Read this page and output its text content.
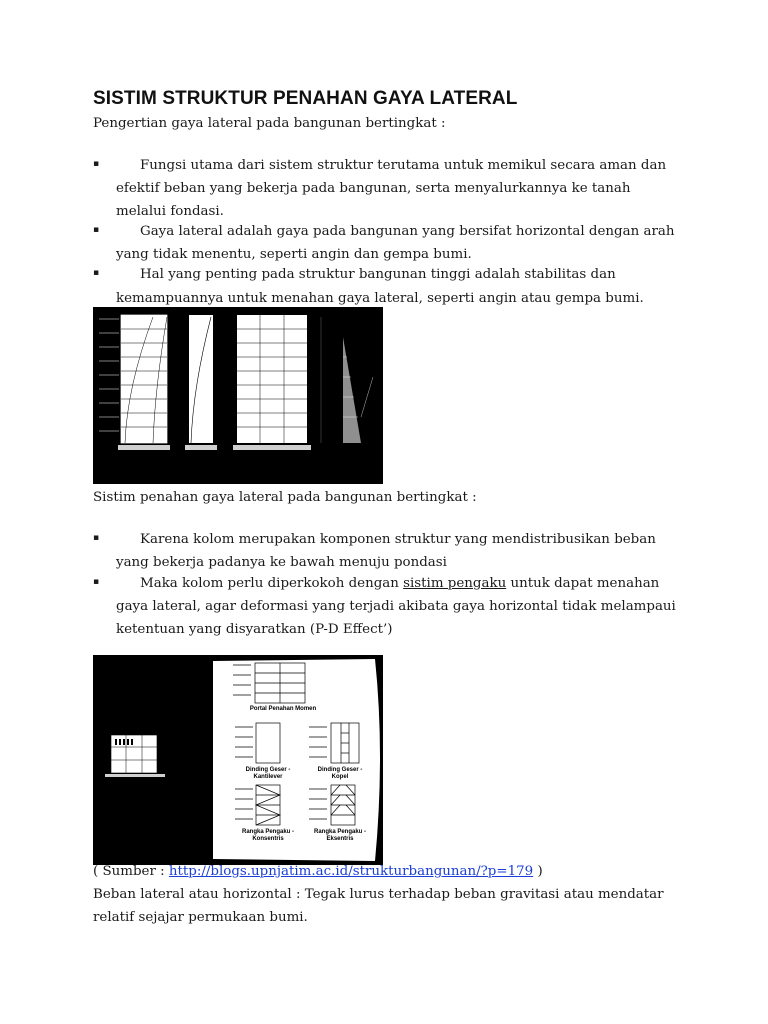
SISTIM STRUKTUR PENAHAN GAYA LATERAL
Pengertian gaya lateral pada bangunan bertingkat :
▪	Fungsi utama dari sistem struktur terutama untuk memikul secara aman dan
efektif beban yang bekerja pada bangunan, serta menyalurkannya ke tanah
melalui fondasi.
▪	Gaya lateral adalah gaya pada bangunan yang bersifat horizontal dengan arah
yang tidak menentu, seperti angin dan gempa bumi.
▪	Hal yang penting pada struktur bangunan tinggi adalah stabilitas dan
kemampuannya untuk menahan gaya lateral, seperti angin atau gempa bumi.
Sistim penahan gaya lateral pada bangunan bertingkat :
▪	Karena kolom merupakan komponen struktur yang mendistribusikan beban
yang bekerja padanya ke bawah menuju pondasi
▪	Maka kolom perlu diperkokoh dengan sistim pengaku untuk dapat menahan
gaya lateral, agar deformasi yang terjadi akibata gaya horizontal tidak melampaui
ketentuan yang disyaratkan (P-D Effect’)
Portal Penahan Momen
Dinding Geser -
Kantilever
Dinding Geser -
Kopel
Rangka Pengaku -
Konsentris
Rangka Pengaku -
Eksentris
( Sumber : http://blogs.upnjatim.ac.id/strukturbangunan/?p=179 )
Beban lateral atau horizontal : Tegak lurus terhadap beban gravitasi atau mendatar
relatif sejajar permukaan bumi.
